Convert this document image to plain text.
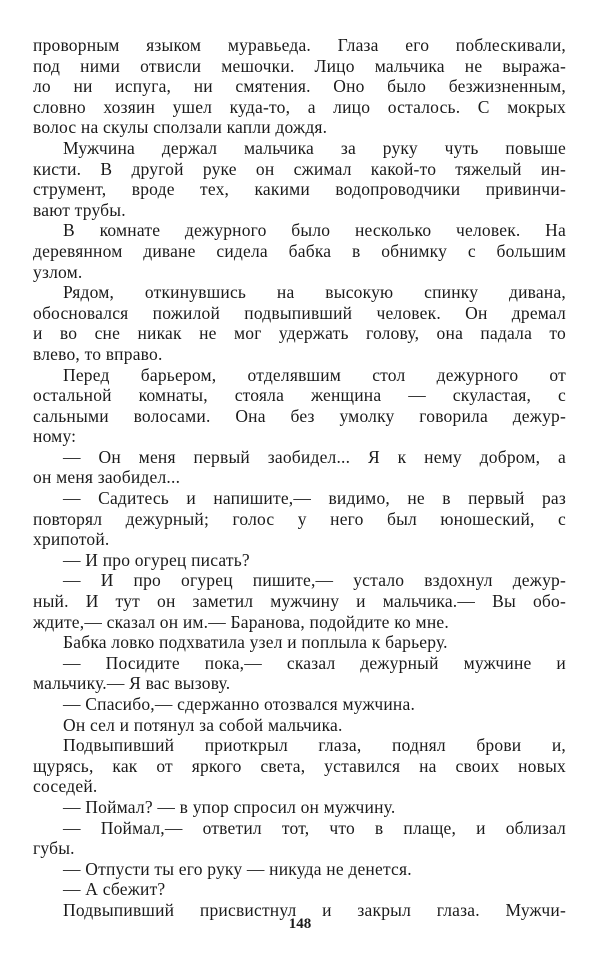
проворным языком муравьеда. Глаза его поблескивали,
под ними отвисли мешочки. Лицо мальчика не выража-
ло ни испуга, ни смятения. Оно было безжизненным,
словно хозяин ушел куда-то, а лицо осталось. С мокрых
волос на скулы сползали капли дождя.
Мужчина держал мальчика за руку чуть повыше
кисти. В другой руке он сжимал какой-то тяжелый ин-
струмент, вроде тех, какими водопроводчики привинчи-
вают трубы.
В комнате дежурного было несколько человек. На
деревянном диване сидела бабка в обнимку с большим
узлом.
Рядом, откинувшись на высокую спинку дивана,
обосновался пожилой подвыпивший человек. Он дремал
и во сне никак не мог удержать голову, она падала то
влево, то вправо.
Перед барьером, отделявшим стол дежурного от
остальной комнаты, стояла женщина — скуластая, с
сальными волосами. Она без умолку говорила дежур-
ному:
— Он меня первый заобидел... Я к нему добром, а
он меня заобидел...
— Садитесь и напишите,— видимо, не в первый раз
повторял дежурный; голос у него был юношеский, с
хрипотой.
— И про огурец писать?
— И про огурец пишите,— устало вздохнул дежур-
ный. И тут он заметил мужчину и мальчика.— Вы обо-
ждите,— сказал он им.— Баранова, подойдите ко мне.
Бабка ловко подхватила узел и поплыла к барьеру.
— Посидите пока,— сказал дежурный мужчине и
мальчику.— Я вас вызову.
— Спасибо,— сдержанно отозвался мужчина.
Он сел и потянул за собой мальчика.
Подвыпивший приоткрыл глаза, поднял брови и,
щурясь, как от яркого света, уставился на своих новых
соседей.
— Поймал? — в упор спросил он мужчину.
— Поймал,— ответил тот, что в плаще, и облизал
губы.
— Отпусти ты его руку — никуда не денется.
— А сбежит?
Подвыпивший присвистнул и закрыл глаза. Мужчи-
148
